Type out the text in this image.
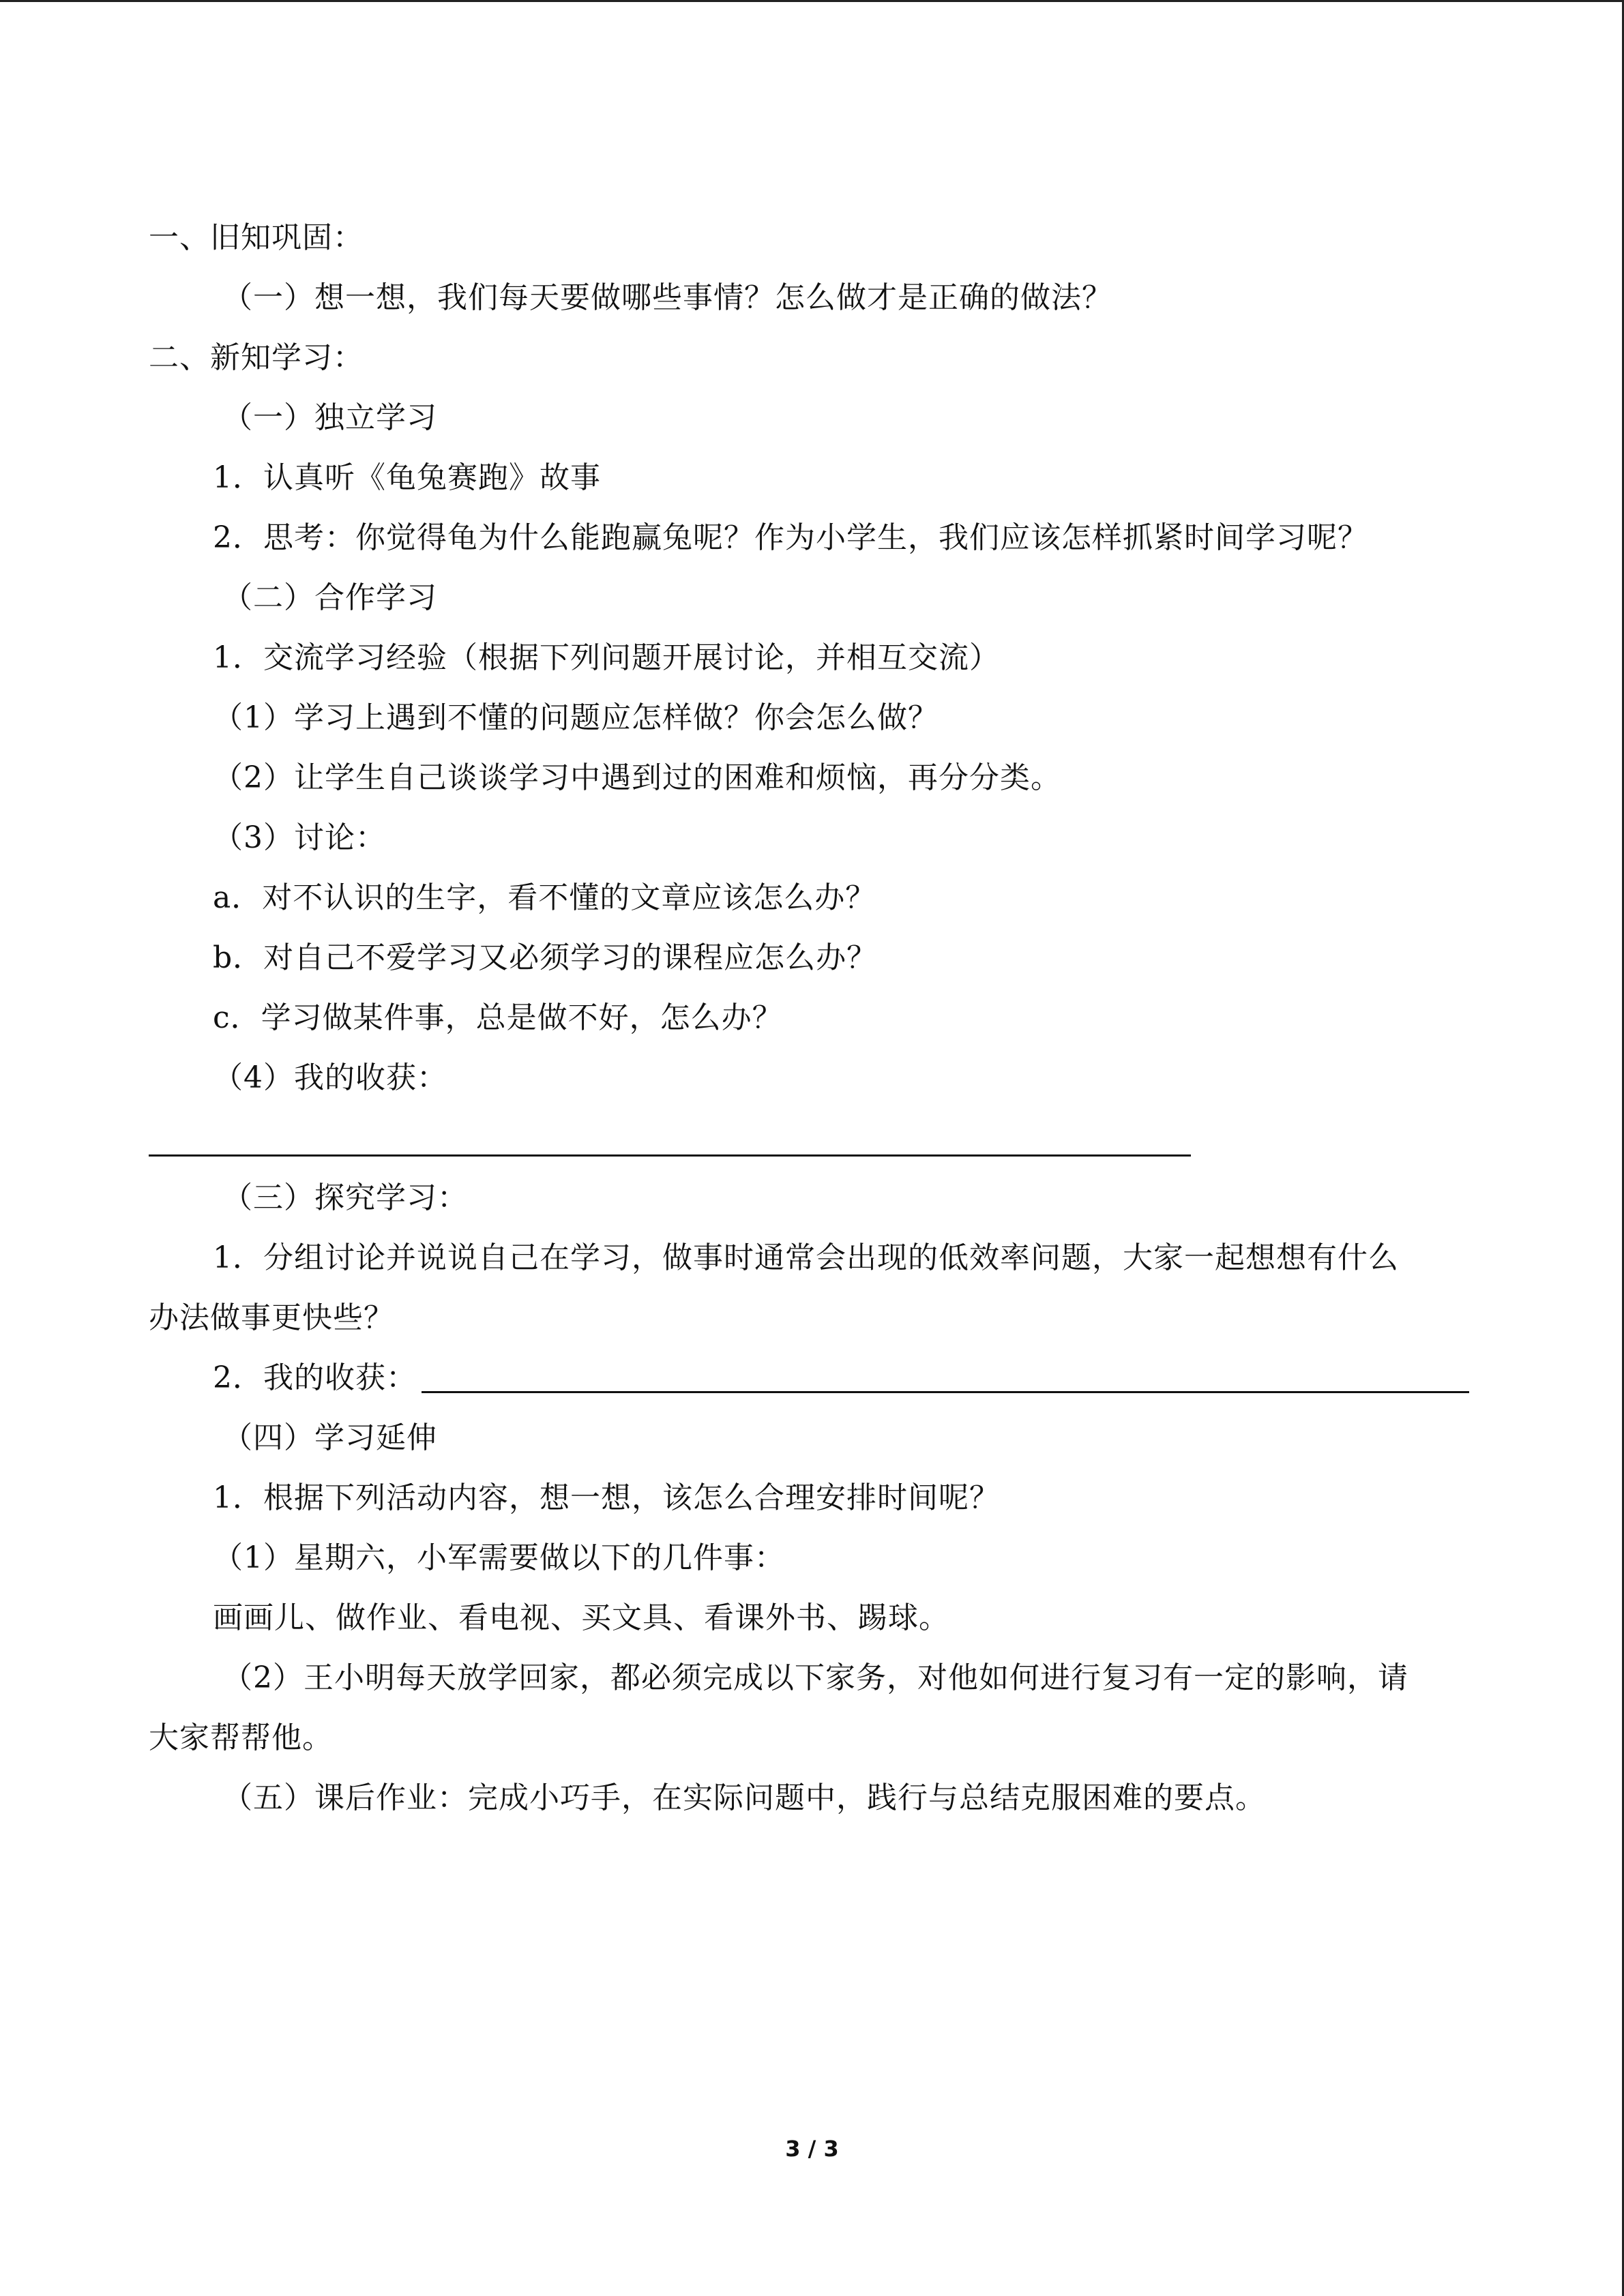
一、旧知巩固：
（一）想一想，我们每天要做哪些事情？怎么做才是正确的做法？
二、新知学习：
（一）独立学习
1．认真听《龟兔赛跑》故事
2．思考：你觉得龟为什么能跑赢兔呢？作为小学生，我们应该怎样抓紧时间学习呢？
（二）合作学习
1．交流学习经验（根据下列问题开展讨论，并相互交流）
（1）学习上遇到不懂的问题应怎样做？你会怎么做？
（2）让学生自己谈谈学习中遇到过的困难和烦恼，再分分类。
（3）讨论：
a．对不认识的生字，看不懂的文章应该怎么办？
b．对自己不爱学习又必须学习的课程应怎么办？
c．学习做某件事，总是做不好，怎么办？
（4）我的收获：
（三）探究学习：
1．分组讨论并说说自己在学习，做事时通常会出现的低效率问题，大家一起想想有什么
办法做事更快些？
2．我的收获：
（四）学习延伸
1．根据下列活动内容，想一想，该怎么合理安排时间呢？
（1）星期六，小军需要做以下的几件事：
画画儿、做作业、看电视、买文具、看课外书、踢球。
（2）王小明每天放学回家，都必须完成以下家务，对他如何进行复习有一定的影响，请
大家帮帮他。
（五）课后作业：完成小巧手，在实际问题中，践行与总结克服困难的要点。
3 / 3
